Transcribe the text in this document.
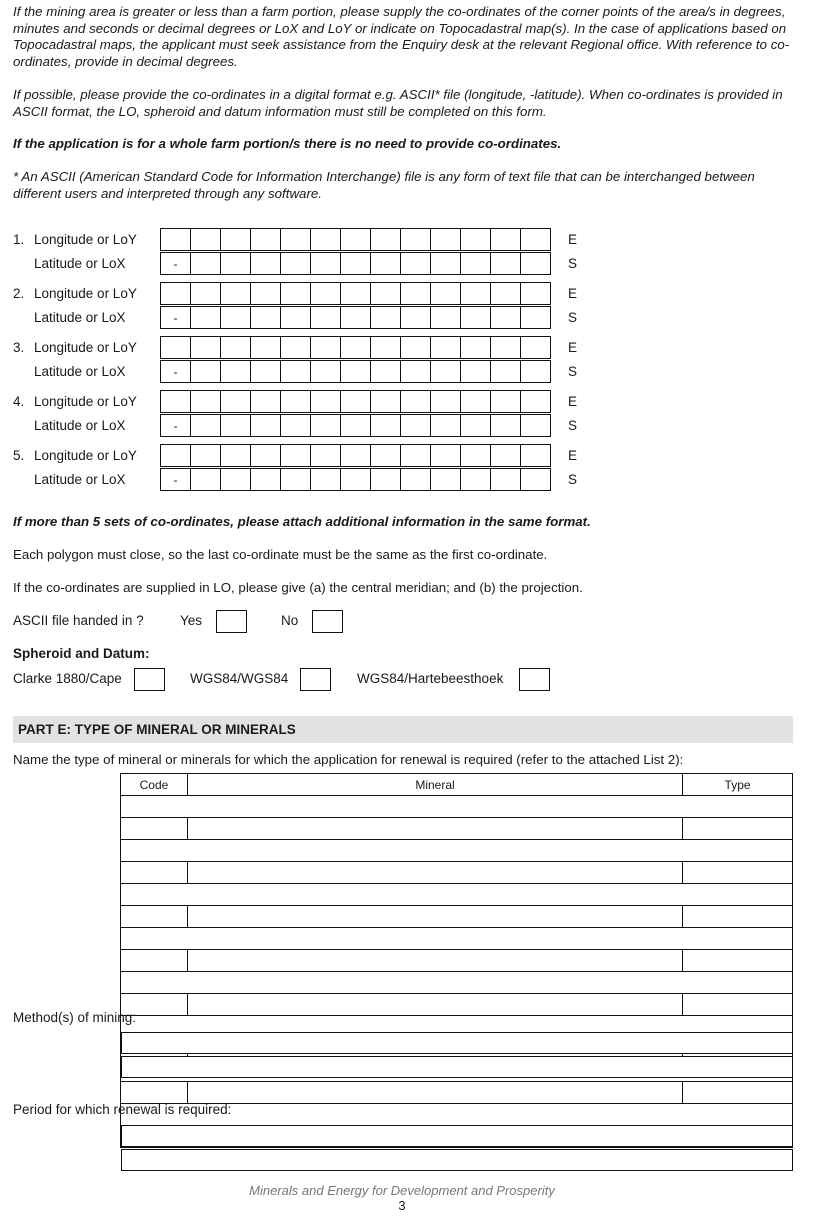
If the mining area is greater or less than a farm portion, please supply the co-ordinates of the corner points of the area/s in degrees, minutes and seconds or decimal degrees or LoX and LoY or indicate on Topocadastral map(s). In the case of applications based on Topocadastral maps, the applicant must seek assistance from the Enquiry desk at the relevant Regional office. With reference to co-ordinates, provide in decimal degrees.

If possible, please provide the co-ordinates in a digital format e.g. ASCII* file (longitude, -latitude). When co-ordinates is provided in ASCII format, the LO, spheroid and datum information must still be completed on this form.

If the application is for a whole farm portion/s there is no need to provide co-ordinates.

* An ASCII (American Standard Code for Information Interchange) file is any form of text file that can be interchanged between different users and interpreted through any software.

1. Longitude or LoY	E
Latitude or LoX	-	S
2. Longitude or LoY	E
Latitude or LoX	-	S
3. Longitude or LoY	E
Latitude or LoX	-	S
4. Longitude or LoY	E
Latitude or LoX	-	S
5. Longitude or LoY	E
Latitude or LoX	-	S

If more than 5 sets of co-ordinates, please attach additional information in the same format.

Each polygon must close, so the last co-ordinate must be the same as the first co-ordinate.

If the co-ordinates are supplied in LO, please give (a) the central meridian; and (b) the projection.

ASCII file handed in ?	Yes	No
Spheroid and Datum:
Clarke 1880/Cape	WGS84/WGS84	WGS84/Hartebeesthoek
PART E: TYPE OF MINERAL OR MINERALS

Name the type of mineral or minerals for which the application for renewal is required (refer to the attached List 2):

Code	Mineral	Type

Method(s) of mining:
Period for which renewal is required:
Minerals and Energy for Development and Prosperity
3
